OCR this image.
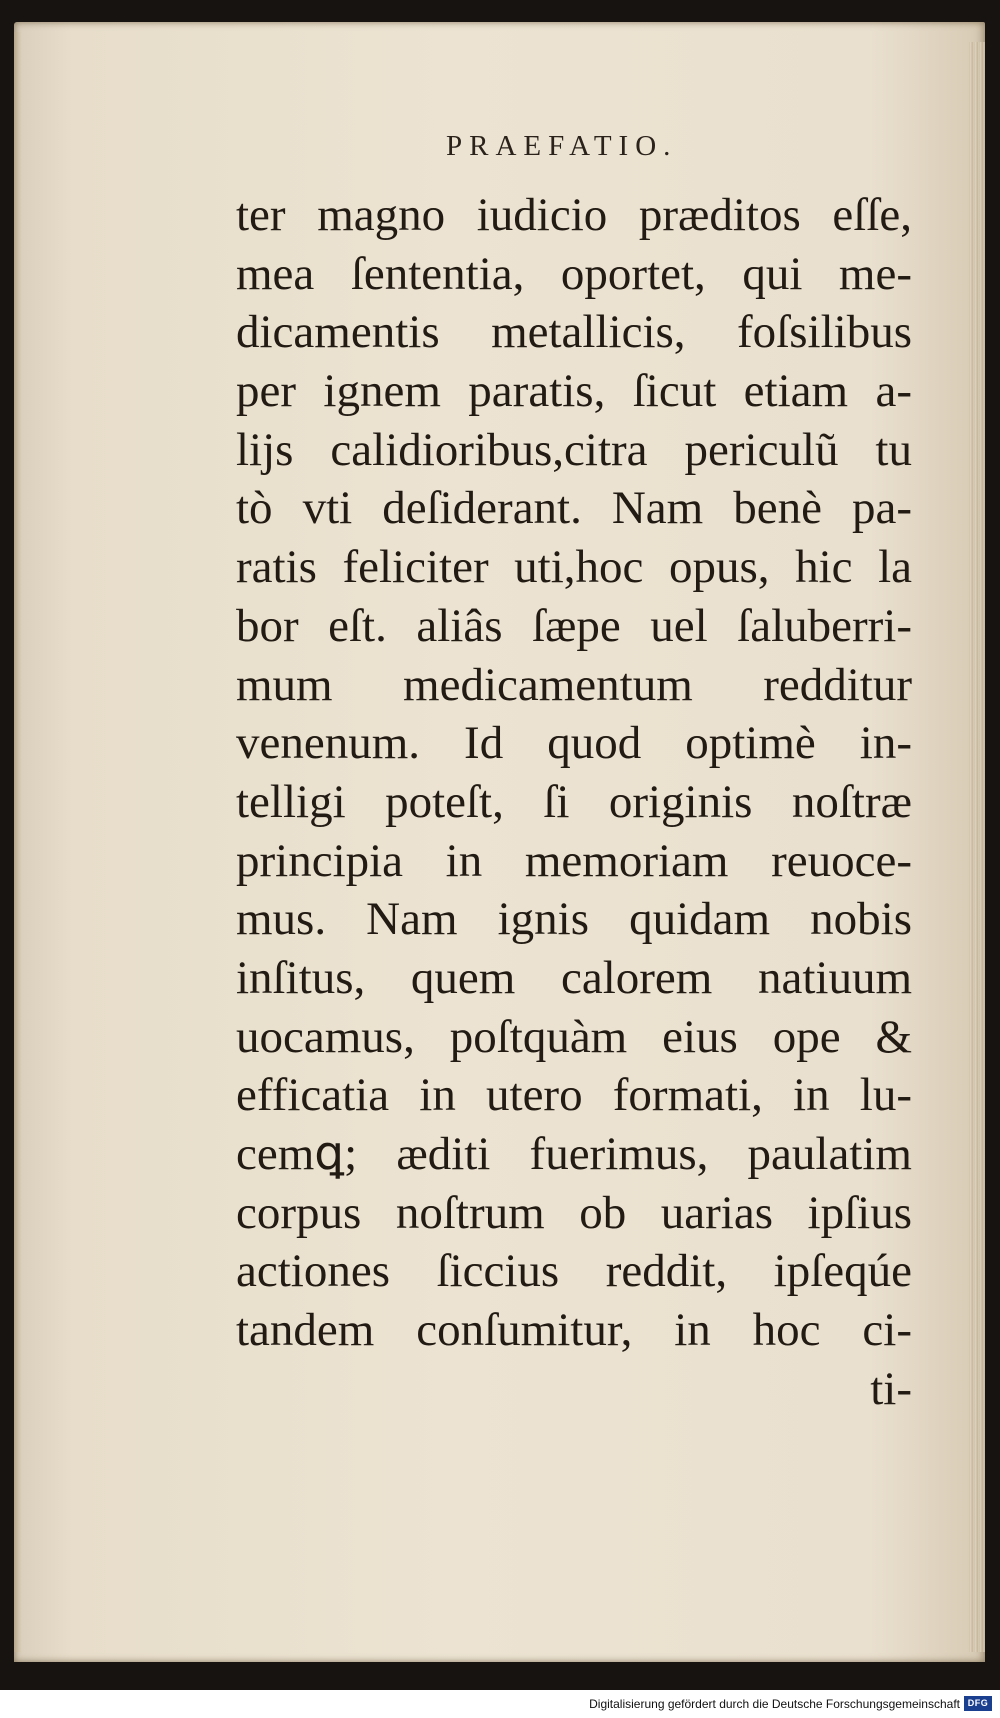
PRAEFATIO.
ter magno iudicio præditos eſſe,
mea ſententia, oportet, qui me-
dicamentis metallicis, foſsilibus
per ignem paratis, ſicut etiam a-
lijs calidioribus,citra periculũ tu
tò vti deſiderant. Nam benè pa-
ratis feliciter uti,hoc opus, hic la
bor eſt. aliâs ſæpe uel ſaluberri-
mum medicamentum redditur
venenum. Id quod optimè in-
telligi poteſt, ſi originis noſtræ
principia in memoriam reuoce-
mus. Nam ignis quidam nobis
inſitus, quem calorem natiuum
uocamus, poſtquàm eius ope &
efficatia in utero formati, in lu-
cemꝗ; æditi fuerimus, paulatim
corpus noſtrum ob uarias ipſius
actiones ſiccius reddit, ipſeqúe
tandem conſumitur, in hoc ci-
ti-
Digitalisierung gefördert durch die Deutsche Forschungsgemeinschaft DFG
